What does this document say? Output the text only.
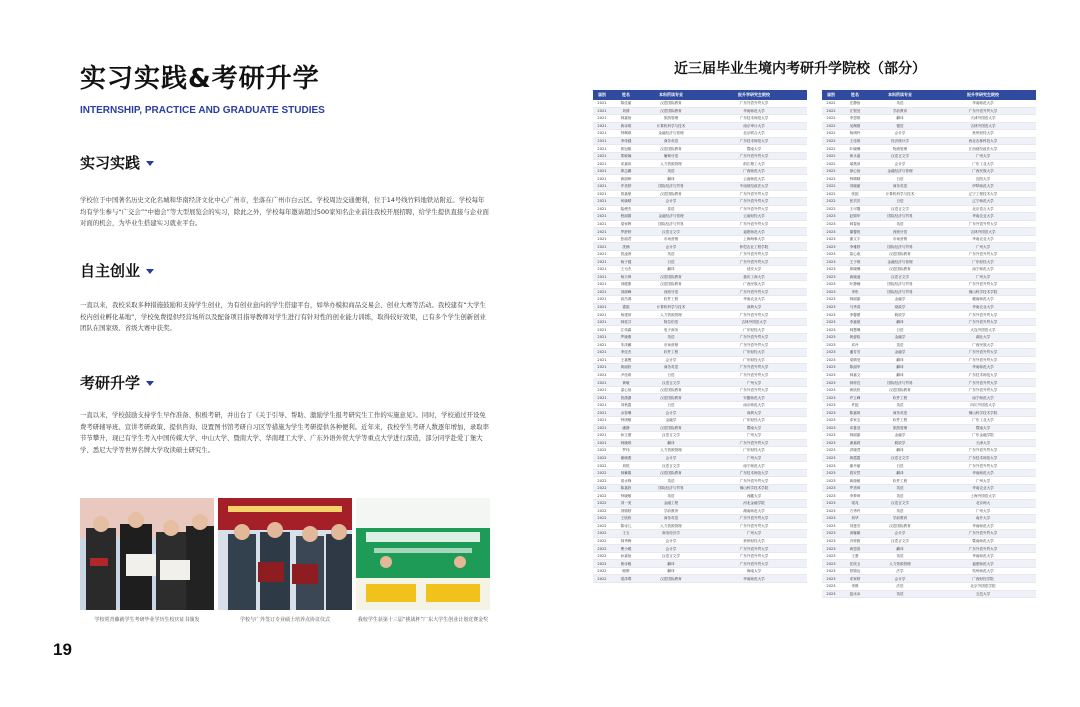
实习实践&考研升学
INTERNSHIP, PRACTICE AND GRADUATE STUDIES
实习实践
学校位于中国著名历史文化名城和华南经济文化中心广州市，坐落在广州市白云区。学校周边交通便利，位于14号线竹料地铁站附近。学校每年均有学生参与“广交会”“中德会”等大型展览会的实习，除此之外，学校每年邀请超过500家知名企业前往我校开展招聘，给学生提供直接与企业面对面的机会，为毕业生搭建实习就业平台。
自主创业
一直以来，我校采取多种措施鼓励和支持学生创业，为有创业意向的学生搭建平台，如举办模拟商品交易会、创业大赛等活动。我校建有“大学生校内创业孵化基地”，学校免费提供经营场所以及配备项目指导教师对学生进行有针对性的创业能力训练，取得较好效果，已有多个学生创新创业团队在国家级、省级大赛中获奖。
考研升学
一直以来，学校鼓励支持学生早作准备、积极考研，并出台了《关于引导、帮助、激励学生报考研究生工作的实施意见》。同时，学校通过开设免费考研辅导班、宣讲考研政策、提供咨询、设置图书馆考研自习区等措施为学生考研提供各种便利。近年来，我校学生考研人数逐年增加，录取率节节攀升，现已有学生考入中国传媒大学、中山大学、暨南大学、华南理工大学、广东外语外贸大学等重点大学进行深造，部分同学赴爱丁堡大学、悉尼大学等世界名牌大学攻读硕士研究生。
学校常青藤就学生考研毕业学历生校庆证书颁发	学校与广外签订专业硕士培养点协议仪式	我校学生获第十三届“挑战杯”广东大学生创业计划竞赛金奖
19
近三届毕业生境内考研升学院校（部分）
届别	姓名	本科所读专业	报升学研究生院校
2021	陈佳丽	汉语国际教育	广东外语外贸大学
2021	刘倩	汉语国际教育	华南师范大学
2021	林嘉怡	旅游管理	广东技术师范大学
2021	黄诗琪	计算机科学与技术	南京审计大学
2021	钟佩琪	金融经济与管理	北京联合大学
2021	李伟健	商务英语	广东技术师范大学
2021	郭冠雄	汉语国际教育	暨南大学
2021	郑敏娴	葡萄牙语	广东外语外贸大学
2021	邓嘉伟	人力资源管理	浙江理工大学
2021	廖志鹏	英语	广西师范大学
2021	黄丽珍	翻译	云南师范大学
2021	许美婷	国际经济与贸易	中南财经政法大学
2021	曾嘉豪	汉语国际教育	广东外语外贸大学
2021	何晓晴	会计学	广东外语外贸大学
2021	陆俊杰	泰语	广东外语外贸大学
2021	程丽娟	金融经济与管理	云南财经大学
2021	梁家辉	国际经济与贸易	广东外语外贸大学
2021	罗舒婷	汉语言文学	福建师范大学
2021	张丽君	市场营销	上海海事大学
2021	冼楠	会计学	仲恺农业工程学院
2021	曾凌涛	英语	广东外语外贸大学
2021	杨子健	日语	广东外语外贸大学
2021	王为杰	翻译	延安大学
2021	杨天琦	汉语国际教育	重庆工商大学
2021	刘健康	汉语国际教育	广西民族大学
2021	刘源峰	西班牙语	广东外语外贸大学
2021	高杰鸿	软件工程	华南农业大学
2021	霍振	计算机科学与技术	深圳大学
2021	杨建萍	人力资源管理	广东外语外贸大学
2021	林桂芬	阿拉伯语	吉林外国语大学
2021	江伟霖	电子商务	广东财经大学
2021	罗晓康	英语	广东外语外贸大学
2021	朱泽鹏	市场营销	广东外语外贸大学
2021	李佳杰	软件工程	广东财经大学
2021	王嘉俊	会计学	广东财经大学
2021	黄丽欣	商务英语	广东外语外贸大学
2021	尹佳琪	日语	广东外语外贸大学
2021	黄敏	汉语言文学	广州大学
2021	邵心怡	汉语国际教育	广东外语外贸大学
2021	曾潇潇	汉语国际教育	安徽师范大学
2021	刘秋霞	日语	南京师范大学
2021	余泰琳	会计学	深圳大学
2021	钟琪敏	金融学	广东财经大学
2021	潘静	汉语国际教育	暨南大学
2021	孙文蕾	汉语言文学	广州大学
2021	林晓琪	翻译	广东外语外贸大学
2022	罗伟	人力资源管理	广东财经大学
2022	谢晓燕	会计学	广州大学
2022	刘悦	汉语言文学	南宁师范大学
2022	林紫娟	汉语国际教育	广东技术师范大学
2022	梁水锋	英语	广东外语外贸大学
2022	陈嘉欣	国际经济与贸易	佛山科学技术学院
2022	钟晓敏	英语	西藏大学
2022	刘一美	金融工程	河北金融学院
2022	刘锦婷	学前教育	湖南师范大学
2022	王欣欣	商务英语	广东外语外贸大学
2022	陈诗儿	人力资源管理	广东外语外贸大学
2022	王玉	商务经济学	广州大学
2022	林秀梅	会计学	贵州财经大学
2022	曹小媛	会计学	广东外语外贸大学
2022	孙嘉怡	汉语言文学	广东外语外贸大学
2022	黄诗雅	翻译	广东外语外贸大学
2022	顾维	翻译	海南大学
2022	梁泽尊	汉语国际教育	华南师范大学
届别	姓名	本科所读专业	报升学研究生院校
2022	庄静怡	英语	华南师范大学
2022	江银莹	学前教育	广东外语外贸大学
2022	李思琪	翻译	天津外国语大学
2022	吴佩倩	德语	吉林外国语大学
2022	杨琪玲	会计学	贵州财经大学
2022	王佳琪	经济统计学	西北农林科技大学
2022	叶晓琳	物流管理	江西财经政法大学
2022	黄永嘉	汉语言文学	广州大学
2022	翁燕萍	会计学	广东工业大学
2022	徐心怡	金融经济与管理	广西民族大学
2022	钟晴晴	日语	沈阳大学
2022	刘晓丽	商务英语	伊犁师范大学
2022	张振	计算机科学与技术	辽宁工程技术大学
2022	张贝贝	日语	辽宁师范大学
2022	王可馨	汉语言文学	北京语言大学
2023	赵锦华	国际经济与贸易	华南农业大学
2023	林春怡	英语	广东外语外贸大学
2023	董馨悦	西班牙语	吉林外国语大学
2023	谢文宇	市场营销	华南农业大学
2023	李雅婷	国际经济与贸易	广州大学
2023	葛心欢	汉语国际教育	广东外语外贸大学
2023	王子琪	金融经济与管理	广东财经大学
2023	廖晓琳	汉语国际教育	南宁师范大学
2023	唐晓凌	汉语言文学	广州大学
2023	叶静楠	国际经济与贸易	广东外语外贸大学
2023	李彤	国际经济与贸易	佛山科学技术学院
2023	林丽丽	金融学	赣南师范大学
2023	马秀清	财政学	华南农业大学
2023	李馨蕾	税收学	广东外语外贸大学
2023	李嘉豪	翻译	广东外语外贸大学
2023	林慧琳	日语	大连外国语大学
2023	黄晏榕	金融学	湖北大学
2023	邓丹	英语	广西民族大学
2023	潘芳芳	金融学	广东外语外贸大学
2023	梁晴莹	翻译	广东外语外贸大学
2023	陈丽华	翻译	华南师范大学
2023	林嘉文	翻译	广东技术师范大学
2023	林梓宜	国际经济与贸易	广东外语外贸大学
2023	黄欣欣	汉语国际教育	广东外语外贸大学
2023	许立峰	软件工程	南宁师范大学
2023	许振	英语	四川外国语大学
2023	陈嘉琪	商务英语	佛山科学技术学院
2023	邓家宝	软件工程	广东工业大学
2023	邓蔓莹	旅游管理	暨南大学
2023	林丽丽	金融学	广东金融学院
2023	龚嘉莉	税收学	天津大学
2023	洪晓君	翻译	广东外语外贸大学
2023	黄霞霞	汉语言文学	广东技术师范大学
2023	谢丹丽	日语	广东外语外贸大学
2023	钱安然	翻译	华南师范大学
2023	黄瑞敏	软件工程	广州大学
2023	罗美琦	英语	华南农业大学
2023	李梦琦	英语	上海外国语大学
2023	梁兆	汉语言文学	北京师大
2023	方秀玲	英语	广州大学
2023	刘华	学前教育	南开大学
2023	刘惠芳	汉语国际教育	华南师范大学
2023	汤娜娜	会计学	广东外语外贸大学
2023	冯梓蔚	汉语言文学	暨南师范大学
2023	黄思喜	翻译	广东外语外贸大学
2023	王蕾	英语	华南师范大学
2023	匡欣玉	人力资源管理	福建师范大学
2023	曾锦达	法学	杭州师范大学
2023	邓家婷	会计学	广西财经学院
2023	李斯	法语	北京外国语学院
2023	蓝冰冰	英语	五邑大学
